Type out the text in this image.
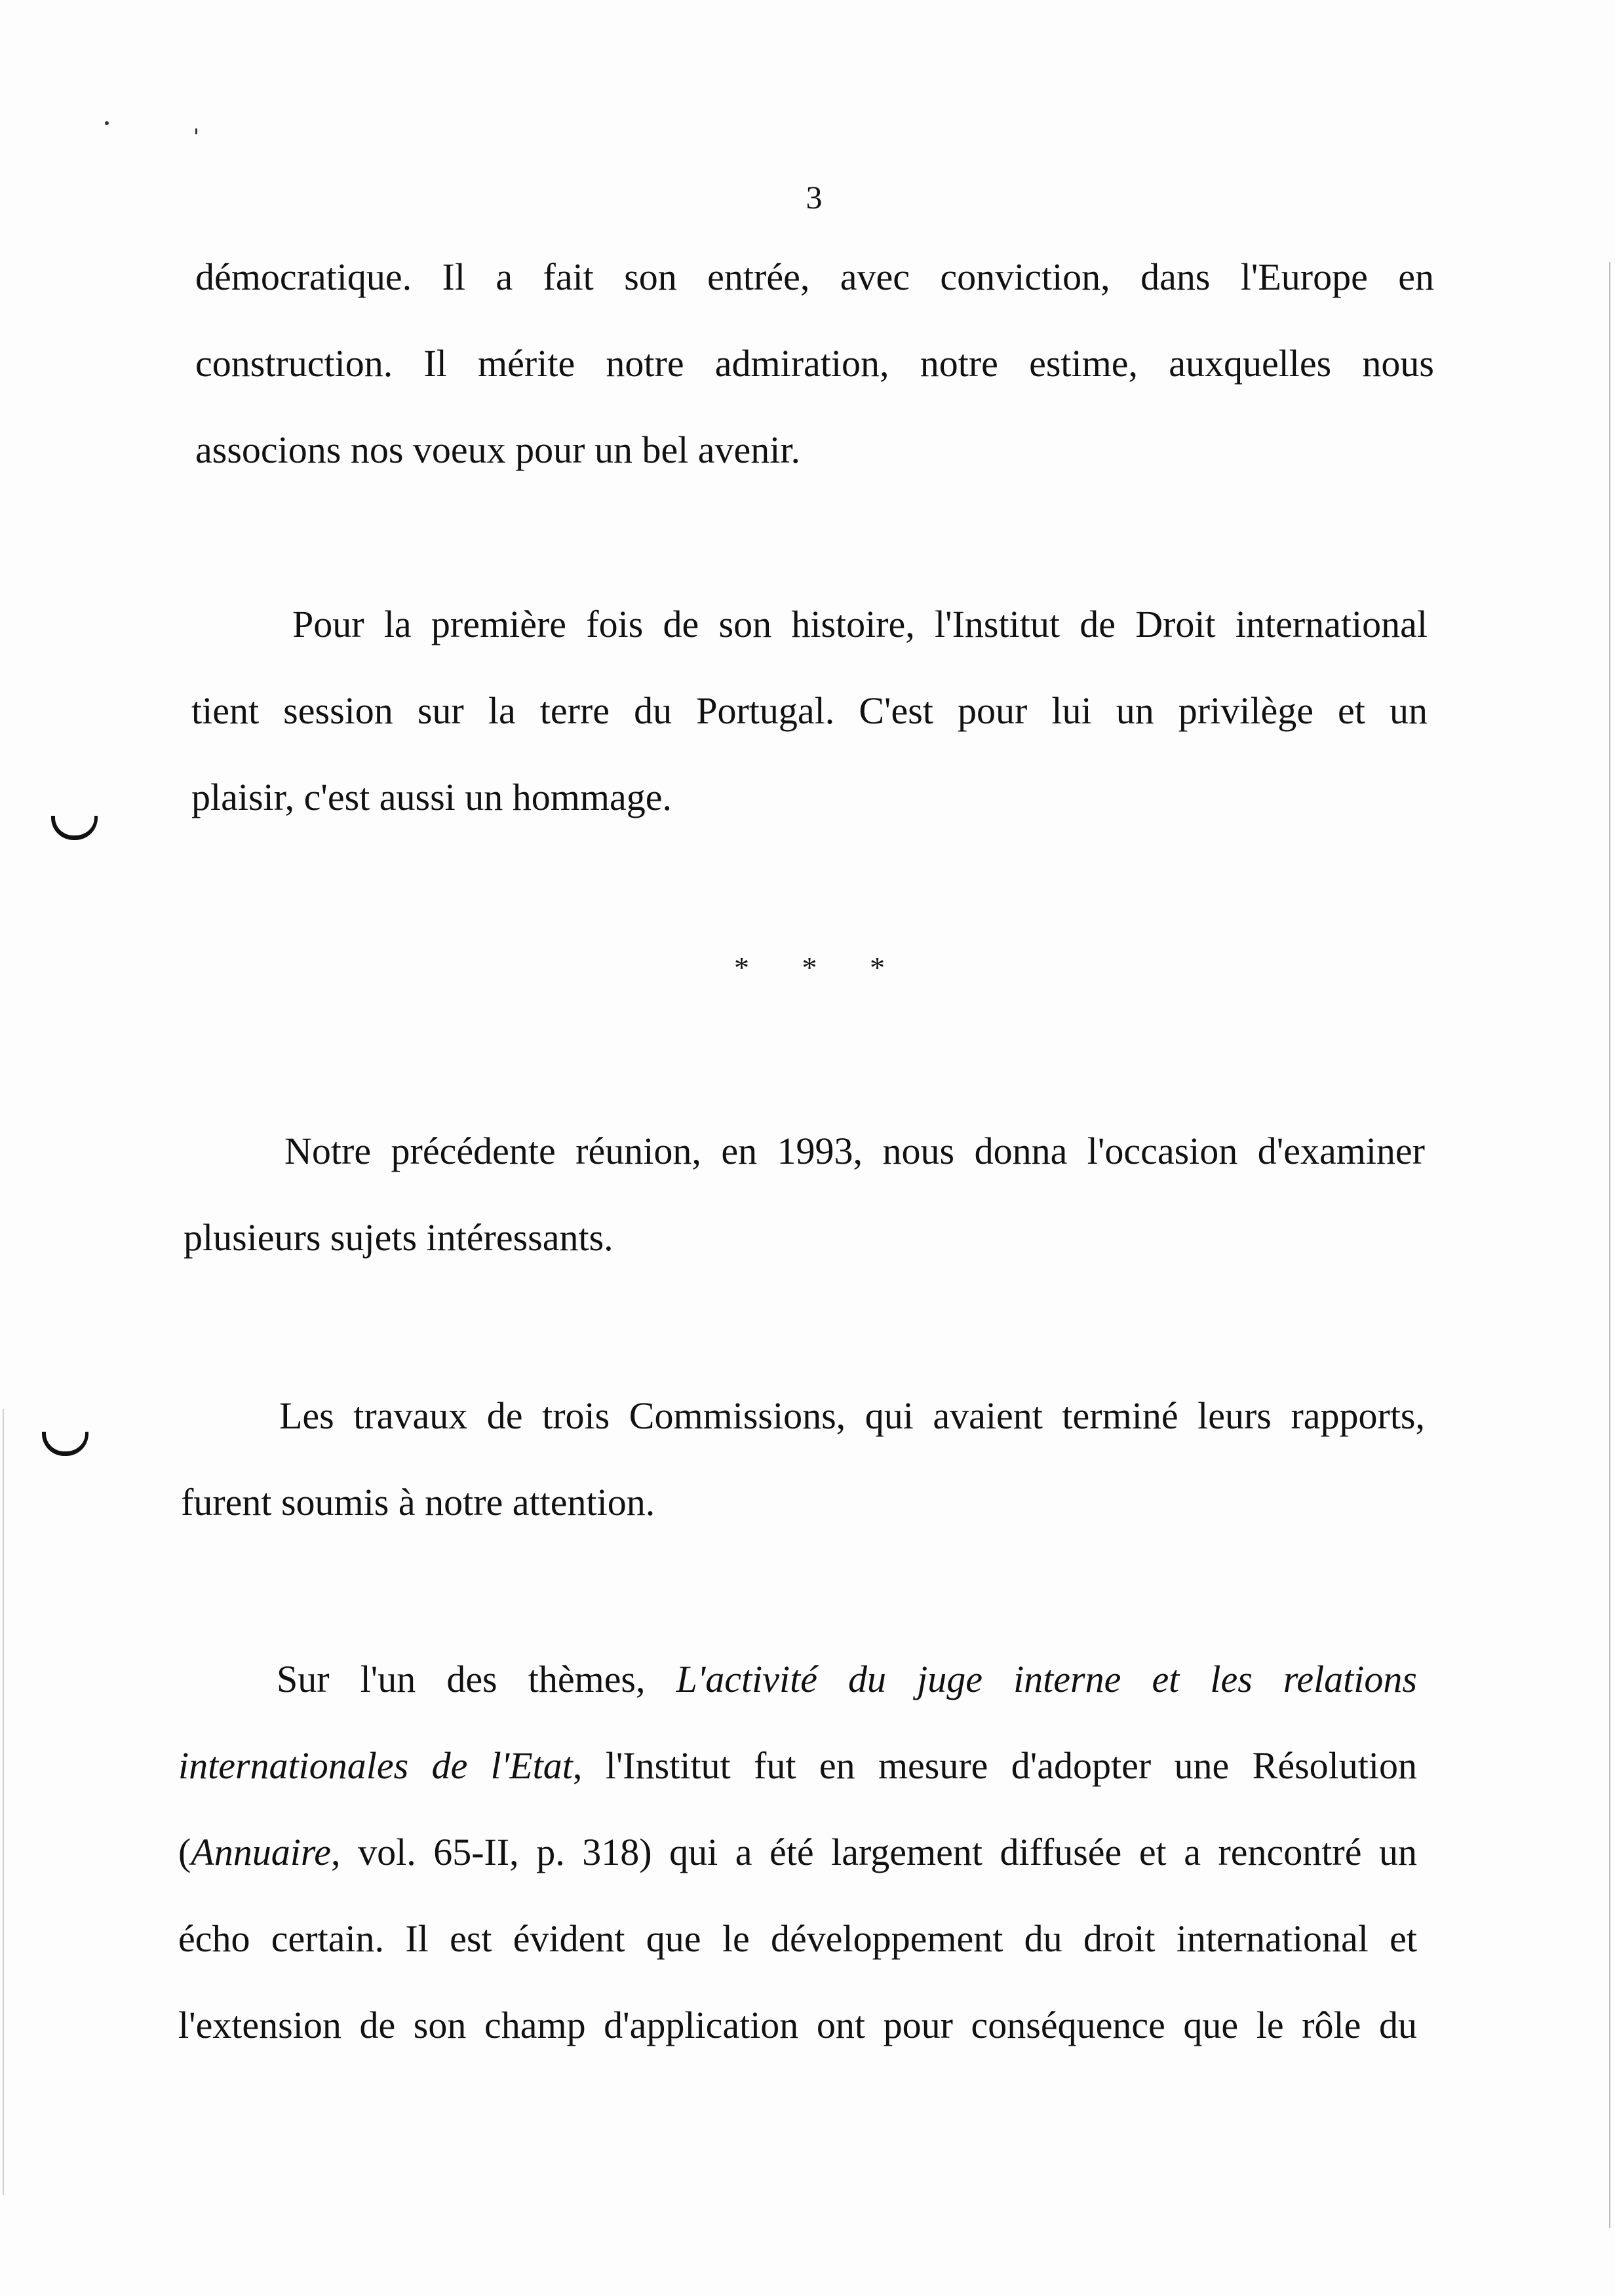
3
démocratique. Il a fait son entrée, avec conviction, dans l'Europe en
construction. Il mérite notre admiration, notre estime, auxquelles nous
associons nos voeux pour un bel avenir.
Pour la première fois de son histoire, l'Institut de Droit international
tient session sur la terre du Portugal. C'est pour lui un privilège et un
plaisir, c'est aussi un hommage.
* * *
Notre précédente réunion, en 1993, nous donna l'occasion d'examiner
plusieurs sujets intéressants.
Les travaux de trois Commissions, qui avaient terminé leurs rapports,
furent soumis à notre attention.
Sur l'un des thèmes, L'activité du juge interne et les relations
internationales de l'Etat, l'Institut fut en mesure d'adopter une Résolution
(Annuaire, vol. 65-II, p. 318) qui a été largement diffusée et a rencontré un
écho certain. Il est évident que le développement du droit international et
l'extension de son champ d'application ont pour conséquence que le rôle du
